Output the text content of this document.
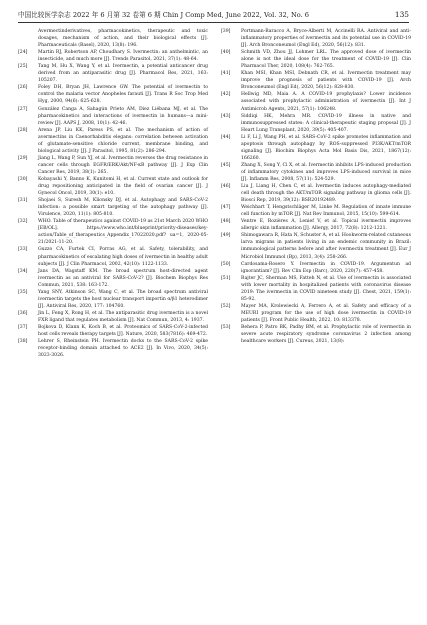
中国比较医学杂志 2022 年 6 月第 32 卷第 6 期 Chin J Comp Med, June 2022, Vol. 32, No. 6	135
Avermectinderivatives, pharmacokinetics, therapeutic and toxic dosages, mechanism of action, and their biological effects [J]. Pharmaceuticals (Basel), 2020, 13(8): 196.
[24]	Martin RJ, Robertson AP, Choudhary S. Ivermectin: an anthelmintic, an insecticide, and much more [J]. Trends Parasitol, 2021, 37(1): 48-64.
[25]	Tang M, Hu X, Wang Y, et al. Ivermectin, a potential anticancer drug derived from an antiparasitic drug [J]. Pharmacol Res, 2021, 163: 105207.
[26]	Foley DH, Bryan JH, Lawrence GW. The potential of ivermectin to control the malaria vector Anopheles farauti [J]. Trans R Soc Trop Med Hyg, 2000, 94(6): 625-628.
[27]	González Canga A, Sahagún Prieto AM, Diez Liébana MJ, et al. The pharmacokinetics and interactions of ivermectin in humans—a mini-review [J]. AAPS J, 2008, 10(1): 42-46.
[28]	Arena JP, Liu KK, Paress PS, et al. The mechanism of action of avermectins in Caenorhabditis elegans: correlation between activation of glutamate-sensitive chloride current, membrane binding, and biological activity [J]. J Parasitol, 1995, 81(2): 286-294.
[29]	Jiang L, Wang P, Sun YJ, et al. Ivermectin reverses the drug resistance in cancer cells through EGFR/ERK/Akt/NF-κB pathway [J]. J Exp Clin Cancer Res, 2019, 38(1): 265.
[30]	Kobayashi Y, Banno K, Kunitomi H, et al. Current state and outlook for drug repositioning anticipated in the field of ovarian cancer [J]. J Gynecol Oncol, 2019, 30(1): e10.
[31]	Shojaei S, Suresh M, Klionsky DJ, et al. Autophagy and SARS-CoV-2 infection: a possible smart targeting of the autophagy pathway [J]. Virulence, 2020, 11(1): 805-810.
[32]	WHO. Table of therapeutics against COVID-19 as 21st March 2020 WHO [EB/OL]. https://www.who.int/blueprint/priority-diseases/key-action/Table_of_therapeutics_Appendix_17022020.pdf? ua=1, 2020-05-21/2021-11-20.
[33]	Guzzo CA, Furtek CI, Porras AG, et al. Safety, tolerability, and pharmacokinetics of escalating high doses of ivermectin in healthy adult subjects [J]. J Clin Pharmacol, 2002, 42(10): 1122-1133.
[34]	Jans DA, Wagstaff KM. The broad spectrum host-directed agent ivermectin as an antiviral for SARS-CoV-2? [J]. Biochem Biophys Res Commun, 2021, 538: 163-172.
[35]	Yang SNY, Atkinson SC, Wang C, et al. The broad spectrum antiviral ivermectin targets the host nuclear transport importin α/β1 heterodimer [J]. Antiviral Res, 2020, 177: 104760.
[36]	Jin L, Feng X, Rong H, et al. The antiparasitic drug ivermectin is a novel FXR ligand that regulates metabolism [J]. Nat Commun, 2013, 4: 1937.
[37]	Bojkova D, Klann K, Koch B, et al. Proteomics of SARS-CoV-2-infected host cells reveals therapy targets [J]. Nature, 2020, 583(7816): 469-472.
[38]	Lehrer S, Rheinstein PH. Ivermectin docks to the SARS-CoV-2 spike receptor-binding domain attached to ACE2 [J]. In Vivo, 2020, 34(5): 3023-3026.
[39]	Portmann-Baracco A, Bryce-Alberti M, Accinelli RA. Antiviral and anti-inflammatory properties of ivermectin and its potential use in COVID-19 [J]. Arch Bronconeumol (Engl Ed), 2020, 56(12): 831.
[40]	Schmith VD, Zhou JJ, Lohmer LRL. The approved dose of ivermectin alone is not the ideal dose for the treatment of COVID-19 [J]. Clin Pharmacol Ther, 2020, 108(4): 762-765.
[41]	Khan MSI, Khan MSI, Debnath CR, et al. Ivermectin treatment may improve the prognosis of patients with COVID-19 [J]. Arch Bronconeumol (Engl Ed), 2020, 56(12): 828-830.
[42]	Hellwig MD, Maia A. A COVID-19 prophylaxis? Lower incidence associated with prophylactic administration of ivermectin [J]. Int J Antimicrob Agents, 2021, 57(1): 106248.
[43]	Siddiqi HK, Mehra MR. COVID-19 illness in native and immunosuppressed states: A clinical-therapeutic staging proposal [J]. J Heart Lung Transplant, 2020, 39(5): 405-407.
[44]	Li F, Li J, Wang PH, et al. SARS-CoV-2 spike promotes inflammation and apoptosis through autophagy by ROS-suppressed PI3K/AKT/mTOR signaling [J]. Biochim Biophys Acta Mol Basis Dis, 2021, 1867(12): 166260.
[45]	Zhang X, Song Y, Ci X, et al. Ivermectin inhibits LPS-induced production of inflammatory cytokines and improves LPS-induced survival in mice [J]. Inflamm Res, 2008, 57(11): 524-529.
[46]	Liu J, Liang H, Chen C, et al. Ivermectin induces autophagy-mediated cell death through the AKT/mTOR signaling pathway in glioma cells [J]. Biosci Rep, 2019, 39(12): BSR20192489.
[47]	Weichhart T, Hengstschläger M, Linke M. Regulation of innate immune cell function by mTOR [J]. Nat Rev Immunol, 2015, 15(10): 599-614.
[48]	Ventre E, Rozières A, Lenief V, et al. Topical ivermectin improves allergic skin inflammation [J]. Allergy, 2017, 72(8): 1212-1221.
[49]	Shimogawara R, Hata N, Schuster A, et al. Hookworm-related cutaneous larva migrans in patients living in an endemic community in Brazil: immunological patterns before and after ivermectin treatment [J]. Eur J Microbiol Immunol (Bp), 2013, 3(4): 258-266.
[50]	Cardosama-Rosero Y. Ivermectin in COVID-19. Argumentun ad ignorantiam? [J]. Rev Clin Esp (Barc), 2020, 220(7): 457-458.
[51]	Rajter JC, Sherman MS, Fatteh N, et al. Use of ivermectin is associated with lower mortality in hospitalized patients with coronavirus disease 2019: The ivermectin in COVID nineteen study [J]. Chest, 2021, 159(1): 85-92.
[52]	Mayer MA, Krolewiecki A, Ferrero A, et al. Safety and efficacy of a MEURI program for the use of high dose ivermectin in COVID-19 patients [J]. Front Public Health, 2022, 10: 813378.
[53]	Behera P, Patro BK, Padhy BM, et al. Prophylactic role of ivermectin in severe acute respiratory syndrome coronavirus 2 infection among healthcare workers [J]. Cureus, 2021, 13(8):
